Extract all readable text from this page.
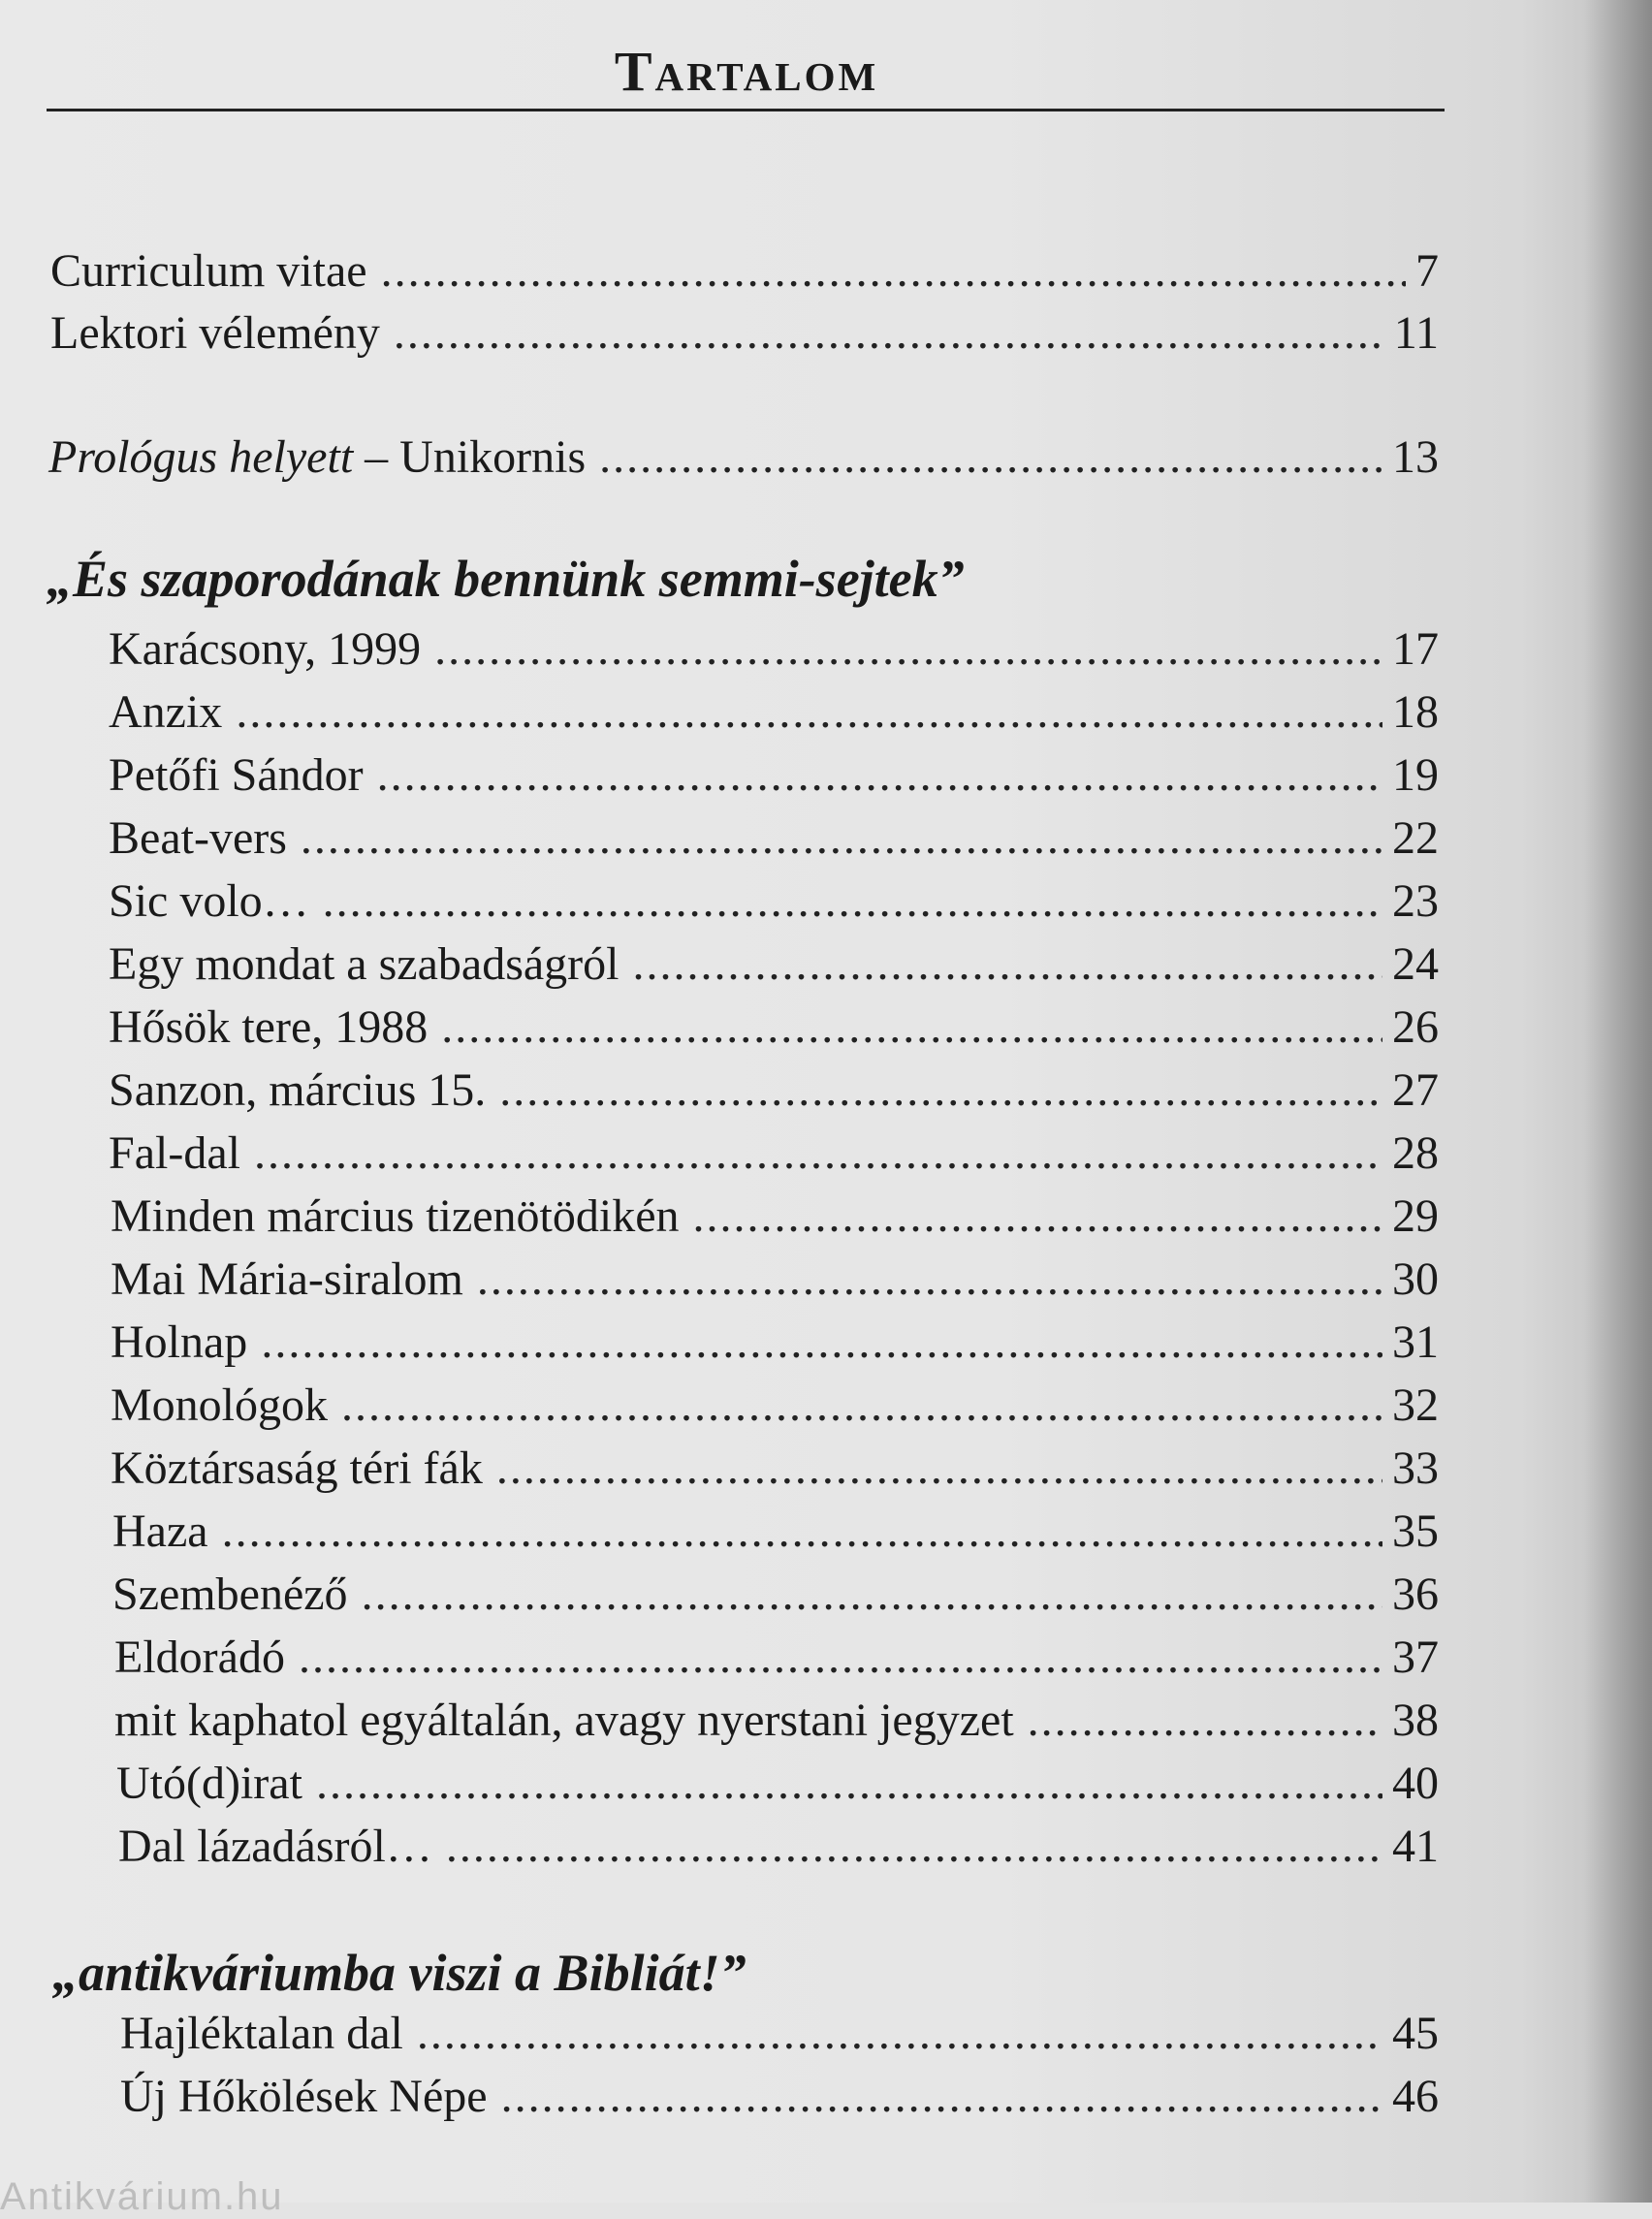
Tartalom
Curriculum vitae .....	7
Lektori vélemény .....	11
Prológus helyett – Unikornis .....	13
„És szaporodának bennünk semmi-sejtek”
Karácsony, 1999 .....	17
Anzix .....	18
Petőfi Sándor .....	19
Beat-vers .....	22
Sic volo… .....	23
Egy mondat a szabadságról .....	24
Hősök tere, 1988 .....	26
Sanzon, március 15. .....	27
Fal-dal .....	28
Minden március tizenötödikén .....	29
Mai Mária-siralom .....	30
Holnap .....	31
Monológok .....	32
Köztársaság téri fák .....	33
Haza .....	35
Szembenéző .....	36
Eldorádó .....	37
mit kaphatol egyáltalán, avagy nyerstani jegyzet .....	38
Utó(d)irat .....	40
Dal lázadásról… .....	41
„antikváriumba viszi a Bibliát!”
Hajléktalan dal .....	45
Új Hőkölések Népe .....	46
Antikvárium.hu
